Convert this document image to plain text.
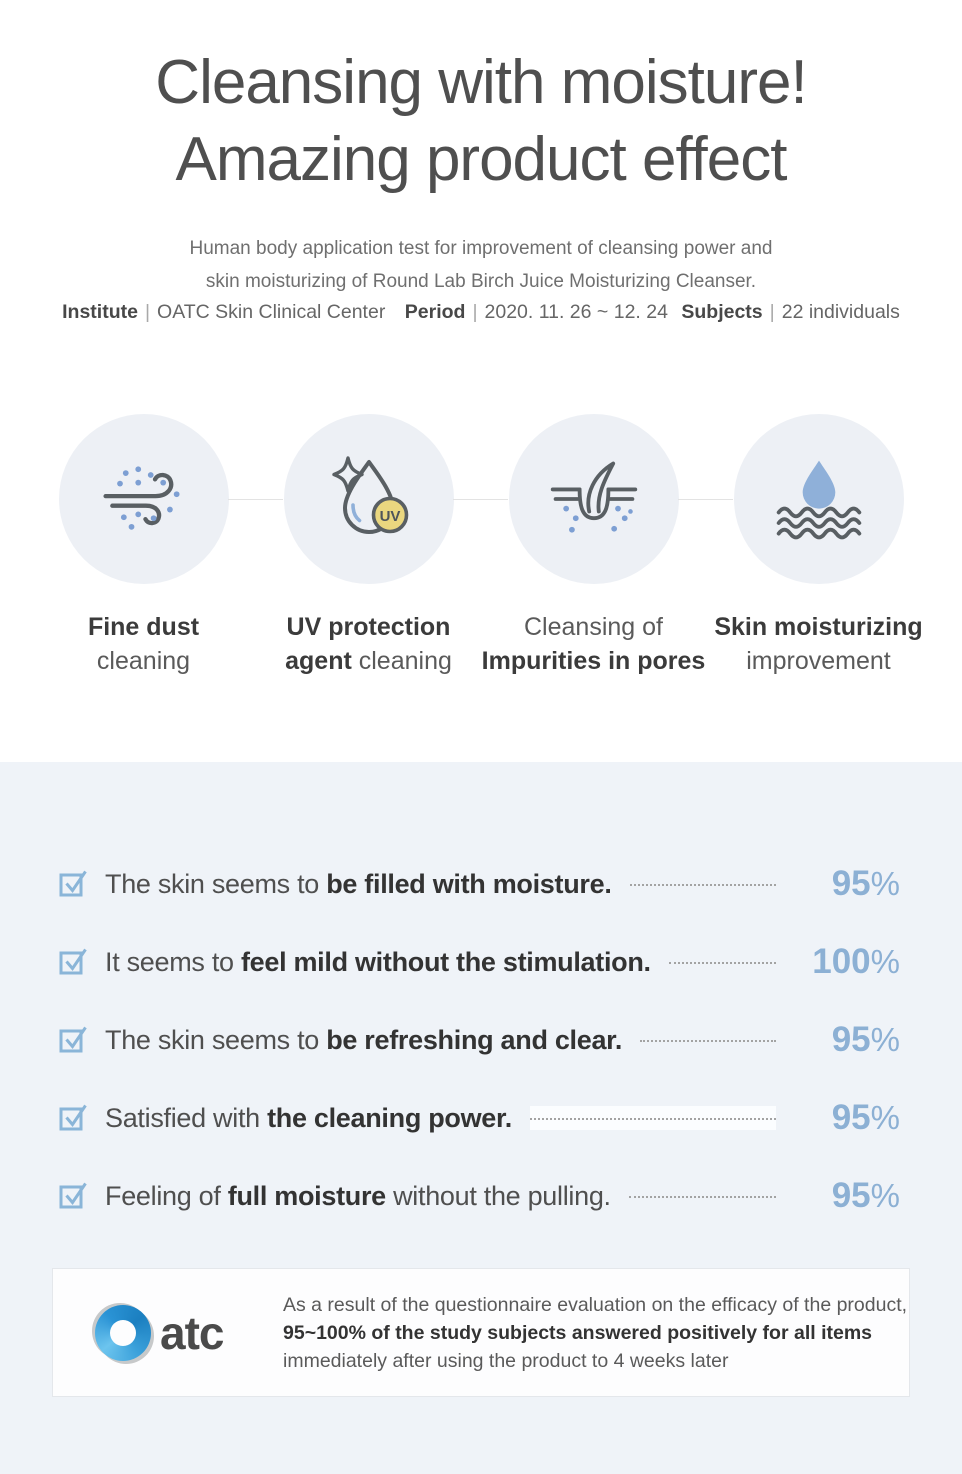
Cleansing with moisture!
Amazing product effect
Human body application test for improvement of cleansing power and
skin moisturizing of Round Lab Birch Juice Moisturizing Cleanser.
Institute | OATC Skin Clinical Center Period | 2020. 11. 26 ~ 12. 24 Subjects | 22 individuals
Fine dust
cleaning
UV
UV protection
agent cleaning
Cleansing of
Impurities in pores
Skin moisturizing
improvement
The skin seems to be filled with moisture.	95%
It seems to feel mild without the stimulation.	100%
The skin seems to be refreshing and clear.	95%
Satisfied with the cleaning power.	95%
Feeling of full moisture without the pulling.	95%
atc
As a result of the questionnaire evaluation on the efficacy of the product,
95~100% of the study subjects answered positively for all items
immediately after using the product to 4 weeks later
